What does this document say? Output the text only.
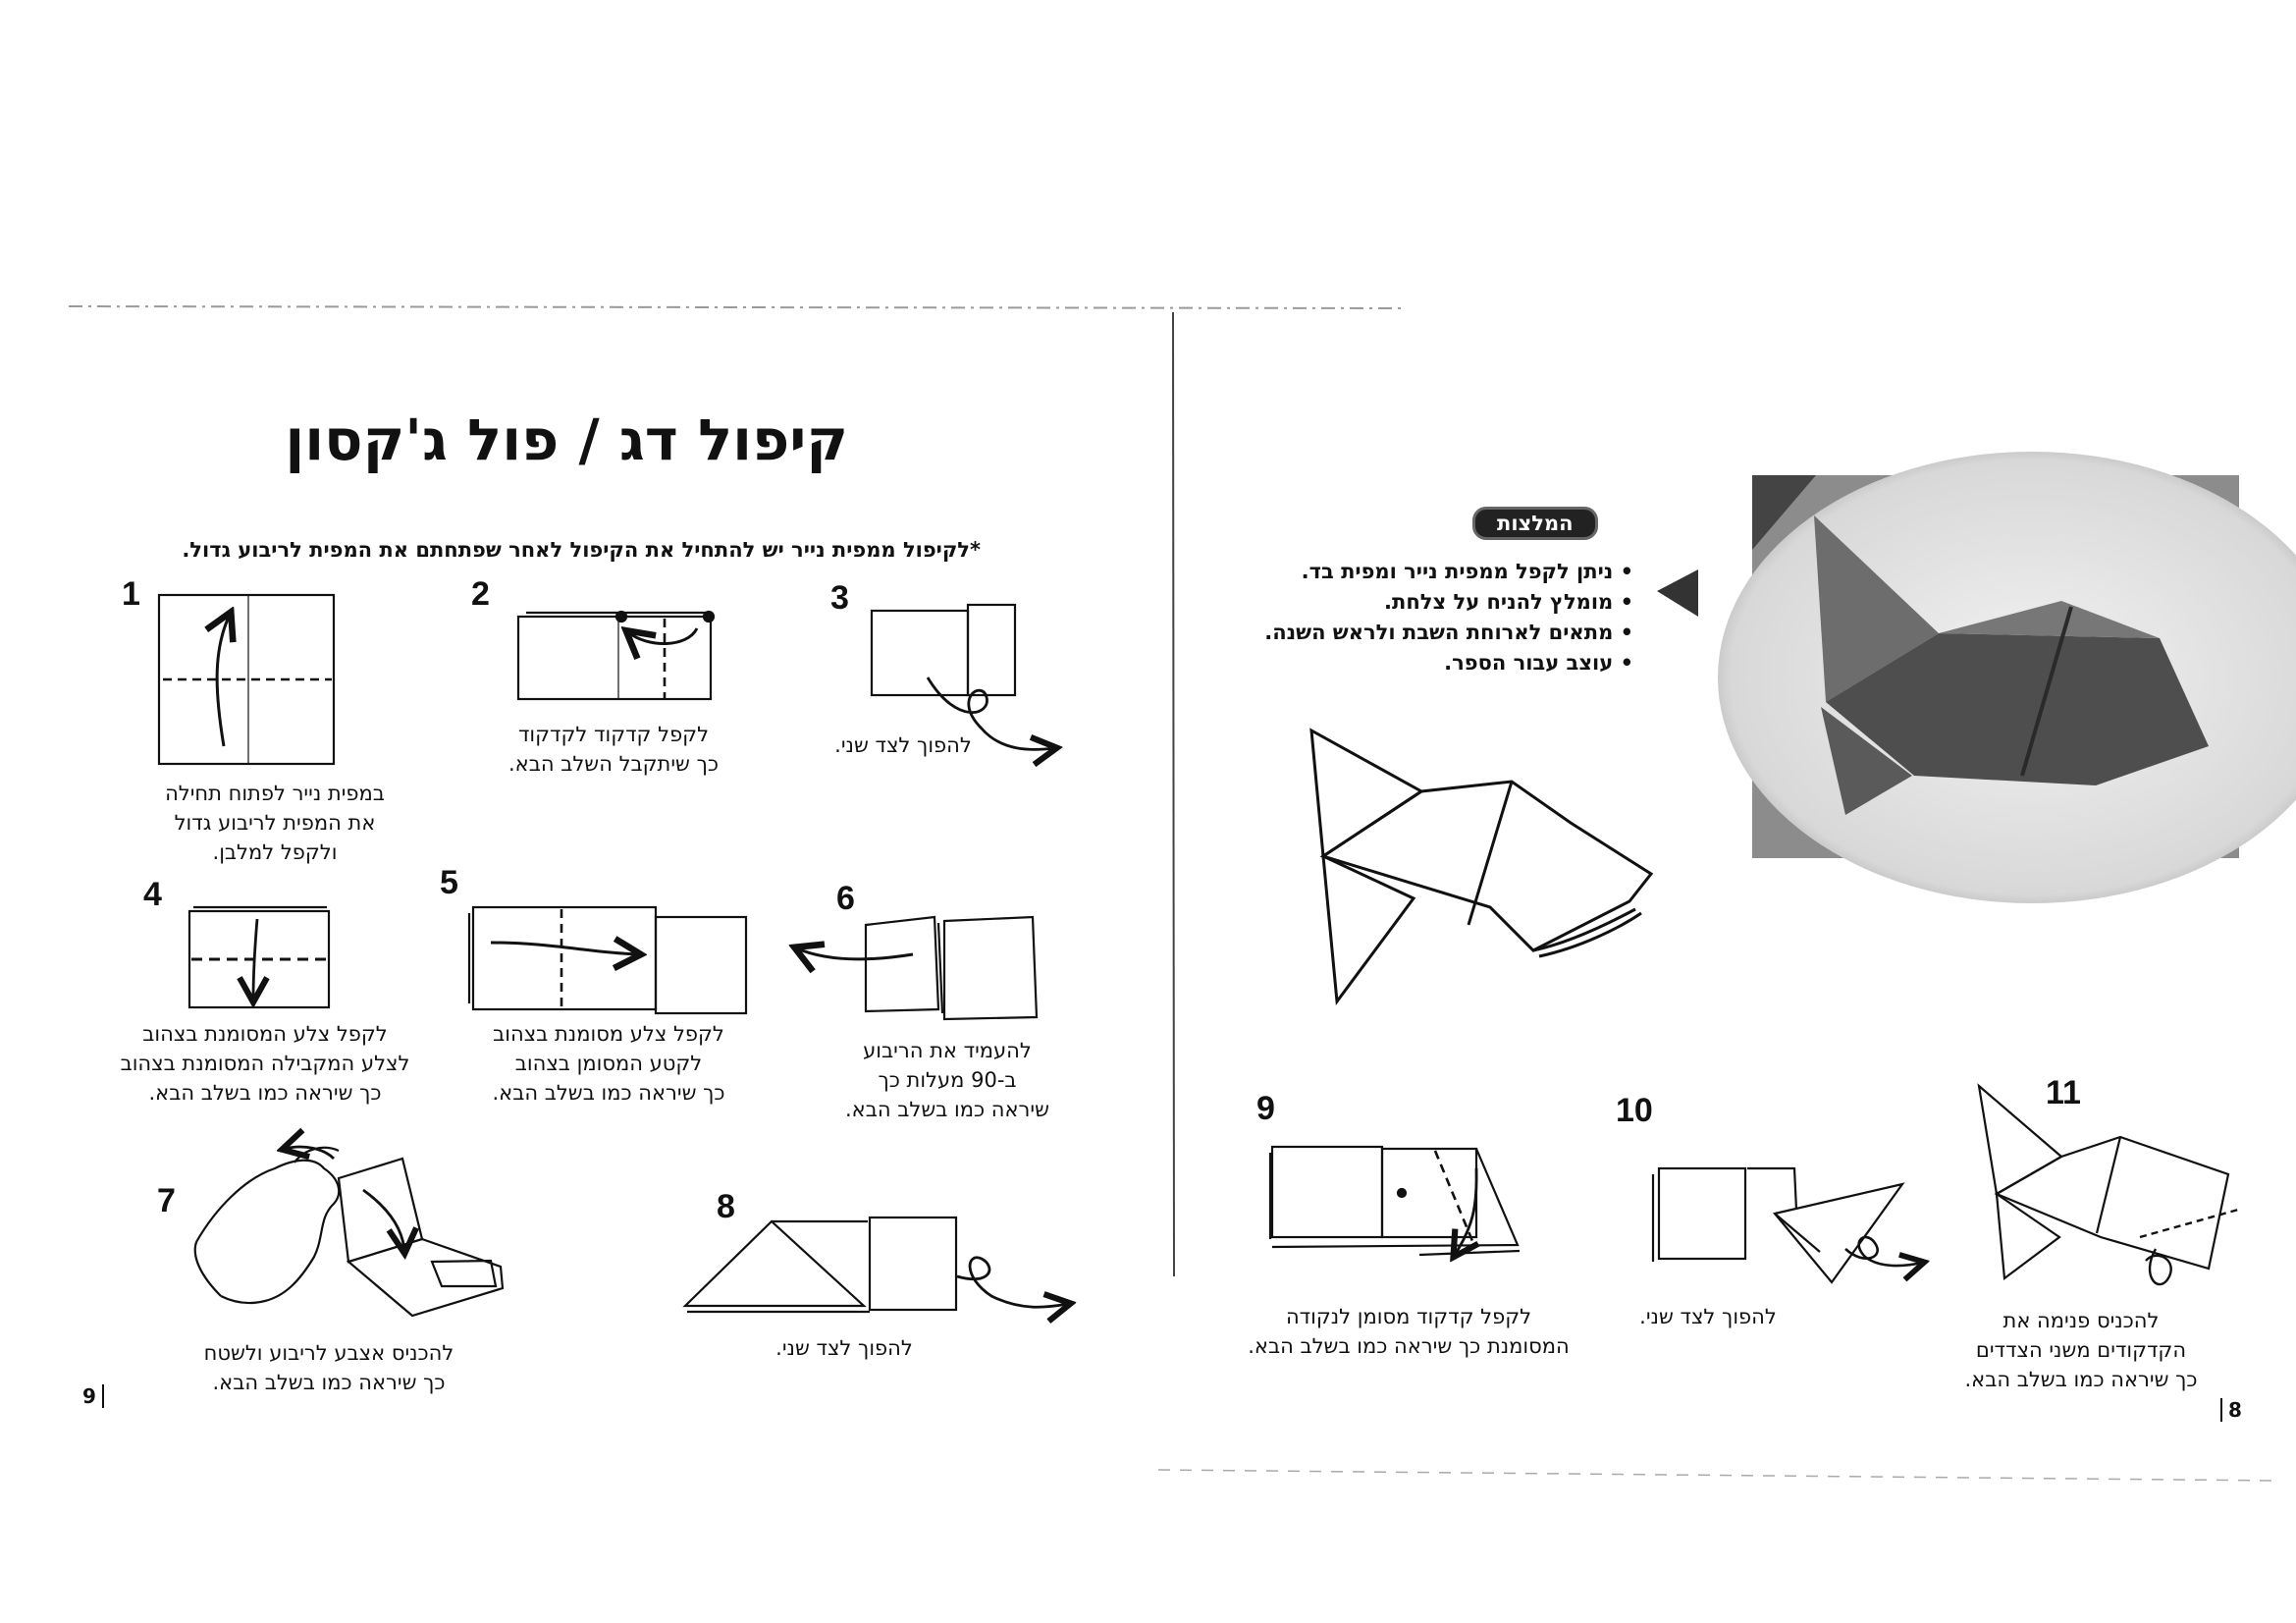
קיפול דג / פול ג'קסון
*לקיפול ממפית נייר יש להתחיל את הקיפול לאחר שפתחתם את המפית לריבוע גדול.
1	2	3
4	5	6
7	8
במפית נייר לפתוח תחילה
את המפית לריבוע גדול
ולקפל למלבן.
לקפל קדקוד לקדקוד
כך שיתקבל השלב הבא.
להפוך לצד שני.
לקפל צלע המסומנת בצהוב
לצלע המקבילה המסומנת בצהוב
כך שיראה כמו בשלב הבא.
לקפל צלע מסומנת בצהוב
לקטע המסומן בצהוב
כך שיראה כמו בשלב הבא.
להעמיד את הריבוע
ב-90 מעלות כך
שיראה כמו בשלב הבא.
להכניס אצבע לריבוע ולשטח
כך שיראה כמו בשלב הבא.
להפוך לצד שני.
9
המלצות
• ניתן לקפל ממפית נייר ומפית בד.
• מומלץ להניח על צלחת.
• מתאים לארוחת השבת ולראש השנה.
• עוצב עבור הספר.
9	10	11
לקפל קדקוד מסומן לנקודה
המסומנת כך שיראה כמו בשלב הבא.
להפוך לצד שני.	להכניס פנימה את
הקדקודים משני הצדדים
כך שיראה כמו בשלב הבא.
8
